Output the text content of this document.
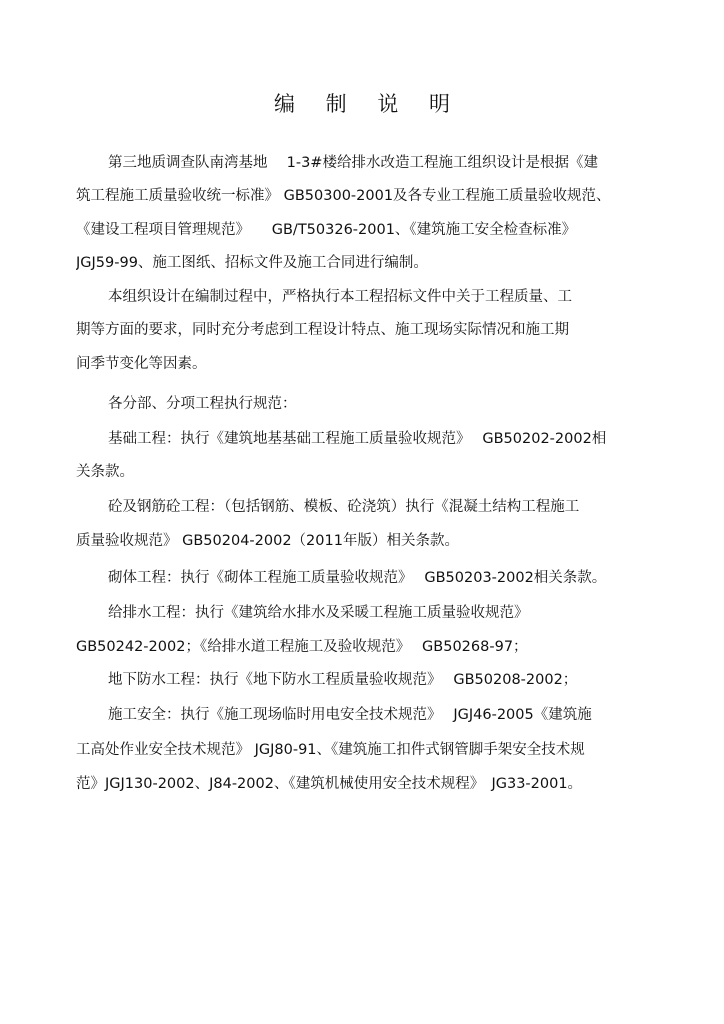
编 制 说 明
第三地质调查队南湾基地　 1-3#楼给排水改造工程施工组织设计是根据《建
筑工程施工质量验收统一标准》 GB50300-2001及各专业工程施工质量验收规范、
《建设工程项目管理规范》　　GB/T50326-2001、《建筑施工安全检查标准》
JGJ59-99、施工图纸、招标文件及施工合同进行编制。
本组织设计在编制过程中，严格执行本工程招标文件中关于工程质量、工
期等方面的要求，同时充分考虑到工程设计特点、施工现场实际情况和施工期
间季节变化等因素。
各分部、分项工程执行规范：
基础工程：执行《建筑地基基础工程施工质量验收规范》　 GB50202-2002相
关条款。
砼及钢筋砼工程：（包括钢筋、模板、砼浇筑）执行《混凝土结构工程施工
质量验收规范》 GB50204-2002（2011年版）相关条款。
砌体工程：执行《砌体工程施工质量验收规范》　 GB50203-2002相关条款。
给排水工程：执行《建筑给水排水及采暖工程施工质量验收规范》
GB50242-2002；《给排水道工程施工及验收规范》　 GB50268-97；
地下防水工程：执行《地下防水工程质量验收规范》　 GB50208-2002；
施工安全：执行《施工现场临时用电安全技术规范》　 JGJ46-2005《建筑施
工高处作业安全技术规范》 JGJ80-91、《建筑施工扣件式钢管脚手架安全技术规
范》JGJ130-2002、J84-2002、《建筑机械使用安全技术规程》　JG33-2001。
